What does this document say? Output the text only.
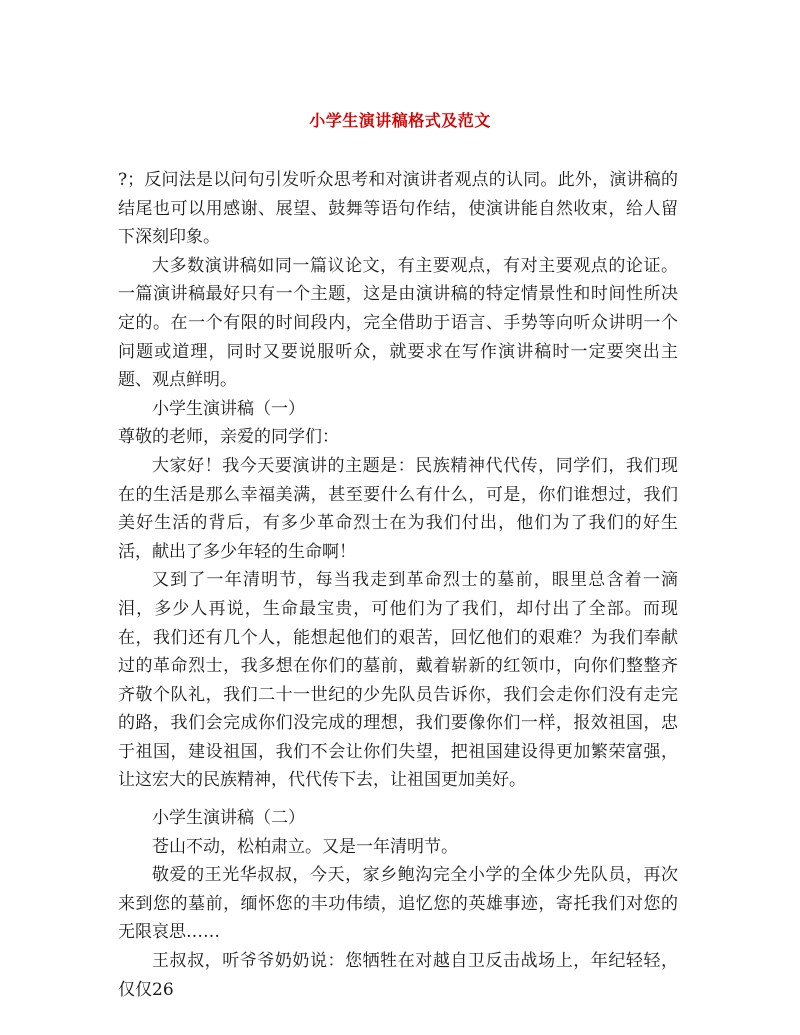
小学生演讲稿格式及范文

?；反问法是以问句引发听众思考和对演讲者观点的认同。此外，演讲稿的结尾也可以用感谢、展望、鼓舞等语句作结，使演讲能自然收束，给人留下深刻印象。

大多数演讲稿如同一篇议论文，有主要观点，有对主要观点的论证。一篇演讲稿最好只有一个主题，这是由演讲稿的特定情景性和时间性所决定的。在一个有限的时间段内，完全借助于语言、手势等向听众讲明一个问题或道理，同时又要说服听众，就要求在写作演讲稿时一定要突出主题、观点鲜明。

小学生演讲稿（一）

尊敬的老师，亲爱的同学们：

大家好！我今天要演讲的主题是：民族精神代代传，同学们，我们现在的生活是那么幸福美满，甚至要什么有什么，可是，你们谁想过，我们美好生活的背后，有多少革命烈士在为我们付出，他们为了我们的好生活，献出了多少年轻的生命啊！

又到了一年清明节，每当我走到革命烈士的墓前，眼里总含着一滴泪，多少人再说，生命最宝贵，可他们为了我们，却付出了全部。而现在，我们还有几个人，能想起他们的艰苦，回忆他们的艰难？为我们奉献过的革命烈士，我多想在你们的墓前，戴着崭新的红领巾，向你们整整齐齐敬个队礼，我们二十一世纪的少先队员告诉你，我们会走你们没有走完的路，我们会完成你们没完成的理想，我们要像你们一样，报效祖国，忠于祖国，建设祖国，我们不会让你们失望，把祖国建设得更加繁荣富强，让这宏大的民族精神，代代传下去，让祖国更加美好。

小学生演讲稿（二）

苍山不动，松柏肃立。又是一年清明节。

敬爱的王光华叔叔，今天，家乡鲍沟完全小学的全体少先队员，再次来到您的墓前，缅怀您的丰功伟绩，追忆您的英雄事迹，寄托我们对您的无限哀思……

王叔叔，听爷爷奶奶说：您牺牲在对越自卫反击战场上，年纪轻轻，仅仅26
